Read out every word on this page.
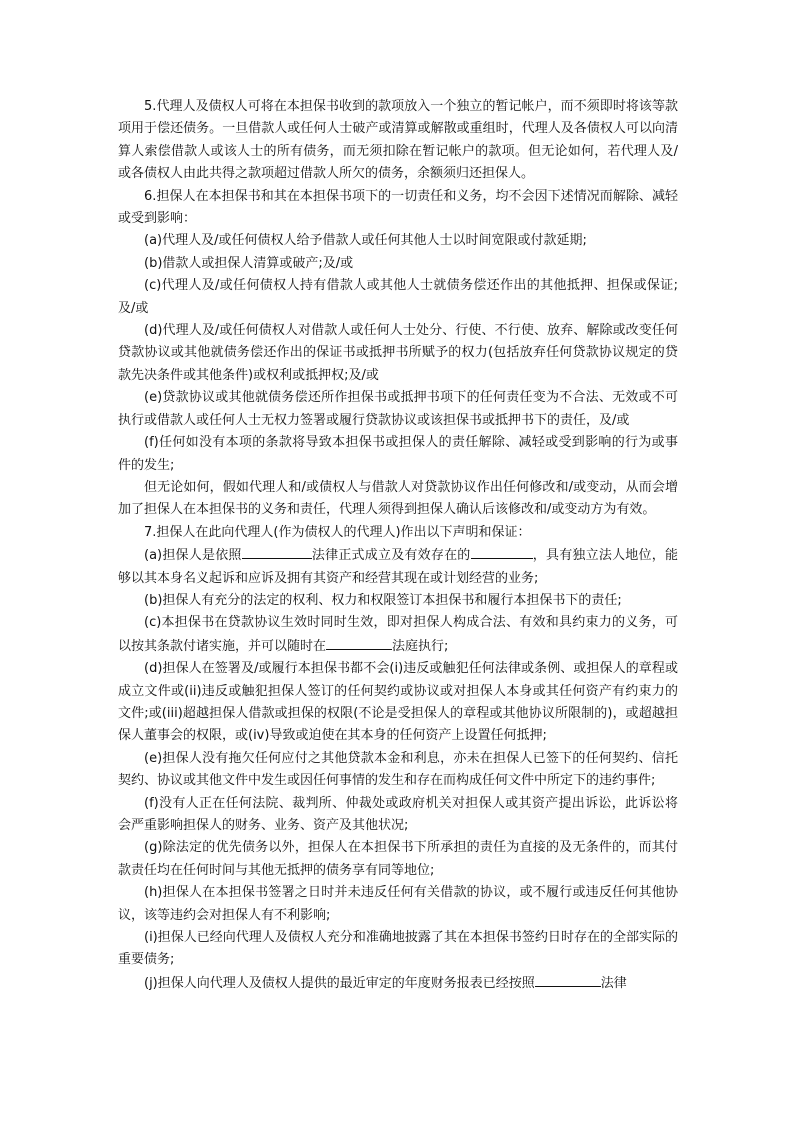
5.代理人及债权人可将在本担保书收到的款项放入一个独立的暂记帐户，而不须即时将该等款项用于偿还债务。一旦借款人或任何人士破产或清算或解散或重组时，代理人及各债权人可以向清算人索偿借款人或该人士的所有债务，而无须扣除在暂记帐户的款项。但无论如何，若代理人及/或各债权人由此共得之款项超过借款人所欠的债务，余额须归还担保人。

6.担保人在本担保书和其在本担保书项下的一切责任和义务，均不会因下述情况而解除、减轻或受到影响：

(a)代理人及/或任何债权人给予借款人或任何其他人士以时间宽限或付款延期;

(b)借款人或担保人清算或破产;及/或

(c)代理人及/或任何债权人持有借款人或其他人士就债务偿还作出的其他抵押、担保或保证;及/或

(d)代理人及/或任何债权人对借款人或任何人士处分、行使、不行使、放弃、解除或改变任何贷款协议或其他就债务偿还作出的保证书或抵押书所赋予的权力(包括放弃任何贷款协议规定的贷款先决条件或其他条件)或权利或抵押权;及/或

(e)贷款协议或其他就债务偿还所作担保书或抵押书项下的任何责任变为不合法、无效或不可执行或借款人或任何人士无权力签署或履行贷款协议或该担保书或抵押书下的责任，及/或

(f)任何如没有本项的条款将导致本担保书或担保人的责任解除、减轻或受到影响的行为或事件的发生;

但无论如何，假如代理人和/或债权人与借款人对贷款协议作出任何修改和/或变动，从而会增加了担保人在本担保书的义务和责任，代理人须得到担保人确认后该修改和/或变动方为有效。

7.担保人在此向代理人(作为债权人的代理人)作出以下声明和保证：

(a)担保人是依照	法律正式成立及有效存在的	，具有独立法人地位，能够以其本身名义起诉和应诉及拥有其资产和经营其现在或计划经营的业务;

(b)担保人有充分的法定的权利、权力和权限签订本担保书和履行本担保书下的责任;

(c)本担保书在贷款协议生效时同时生效，即对担保人构成合法、有效和具约束力的义务，可以按其条款付诸实施，并可以随时在	法庭执行;

(d)担保人在签署及/或履行本担保书都不会(i)违反或触犯任何法律或条例、或担保人的章程或成立文件或(ii)违反或触犯担保人签订的任何契约或协议或对担保人本身或其任何资产有约束力的文件;或(iii)超越担保人借款或担保的权限(不论是受担保人的章程或其他协议所限制的)，或超越担保人董事会的权限，或(iv)导致或迫使在其本身的任何资产上设置任何抵押;

(e)担保人没有拖欠任何应付之其他贷款本金和利息，亦未在担保人已签下的任何契约、信托契约、协议或其他文件中发生或因任何事情的发生和存在而构成任何文件中所定下的违约事件;

(f)没有人正在任何法院、裁判所、仲裁处或政府机关对担保人或其资产提出诉讼，此诉讼将会严重影响担保人的财务、业务、资产及其他状况;

(g)除法定的优先债务以外，担保人在本担保书下所承担的责任为直接的及无条件的，而其付款责任均在任何时间与其他无抵押的债务享有同等地位;

(h)担保人在本担保书签署之日时并未违反任何有关借款的协议，或不履行或违反任何其他协议，该等违约会对担保人有不利影响;

(i)担保人已经向代理人及债权人充分和准确地披露了其在本担保书签约日时存在的全部实际的重要债务;

(j)担保人向代理人及债权人提供的最近审定的年度财务报表已经按照	法律
